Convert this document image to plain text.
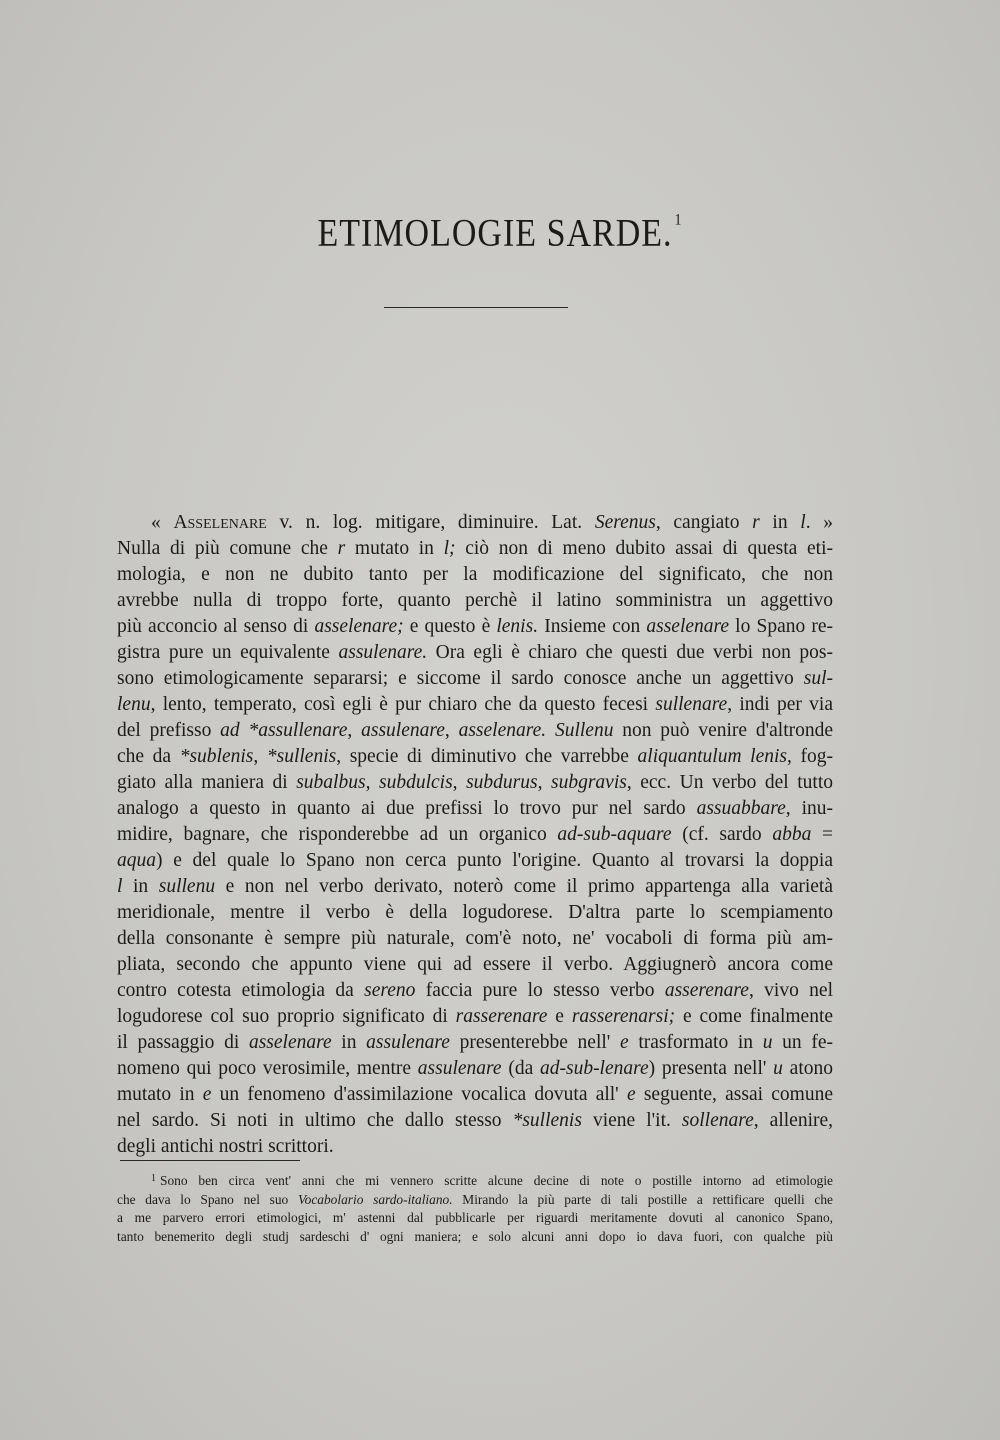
ETIMOLOGIE SARDE. $^1$
« Asselenare v. n. log. mitigare, diminuire. Lat. Serenus, cangiato r in l. »
Nulla di più comune che r mutato in l; ciò non di meno dubito assai di questa eti-
mologia, e non ne dubito tanto per la modificazione del significato, che non
avrebbe nulla di troppo forte, quanto perchè il latino somministra un aggettivo
più acconcio al senso di asselenare; e questo è lenis. Insieme con asselenare lo Spano re-
gistra pure un equivalente assulenare. Ora egli è chiaro che questi due verbi non pos-
sono etimologicamente separarsi; e siccome il sardo conosce anche un aggettivo sul-
lenu, lento, temperato, così egli è pur chiaro che da questo fecesi sullenare, indi per via
del prefisso ad *assullenare, assulenare, asselenare. Sullenu non può venire d'altronde
che da *sublenis, *sullenis, specie di diminutivo che varrebbe aliquantulum lenis, fog-
giato alla maniera di subalbus, subdulcis, subdurus, subgravis, ecc. Un verbo del tutto
analogo a questo in quanto ai due prefissi lo trovo pur nel sardo assuabbare, inu-
midire, bagnare, che risponderebbe ad un organico ad-sub-aquare (cf. sardo abba =
aqua) e del quale lo Spano non cerca punto l'origine. Quanto al trovarsi la doppia
l in sullenu e non nel verbo derivato, noterò come il primo appartenga alla varietà
meridionale, mentre il verbo è della logudorese. D'altra parte lo scempiamento
della consonante è sempre più naturale, com'è noto, ne' vocaboli di forma più am-
pliata, secondo che appunto viene qui ad essere il verbo. Aggiugnerò ancora come
contro cotesta etimologia da sereno faccia pure lo stesso verbo asserenare, vivo nel
logudorese col suo proprio significato di rasserenare e rasserenarsi; e come finalmente
il passaggio di asselenare in assulenare presenterebbe nell' e trasformato in u un fe-
nomeno qui poco verosimile, mentre assulenare (da ad-sub-lenare) presenta nell' u atono
mutato in e un fenomeno d'assimilazione vocalica dovuta all' e seguente, assai comune
nel sardo. Si noti in ultimo che dallo stesso *sullenis viene l'it. sollenare, allenire,
degli antichi nostri scrittori.
$^1$ Sono ben circa vent' anni che mi vennero scritte alcune decine di note o postille intorno ad etimologie
che dava lo Spano nel suo Vocabolario sardo-italiano. Mirando la più parte di tali postille a rettificare quelli che
a me parvero errori etimologici, m' astenni dal pubblicarle per riguardi meritamente dovuti al canonico Spano,
tanto benemerito degli studj sardeschi d' ogni maniera; e solo alcuni anni dopo io dava fuori, con qualche più
